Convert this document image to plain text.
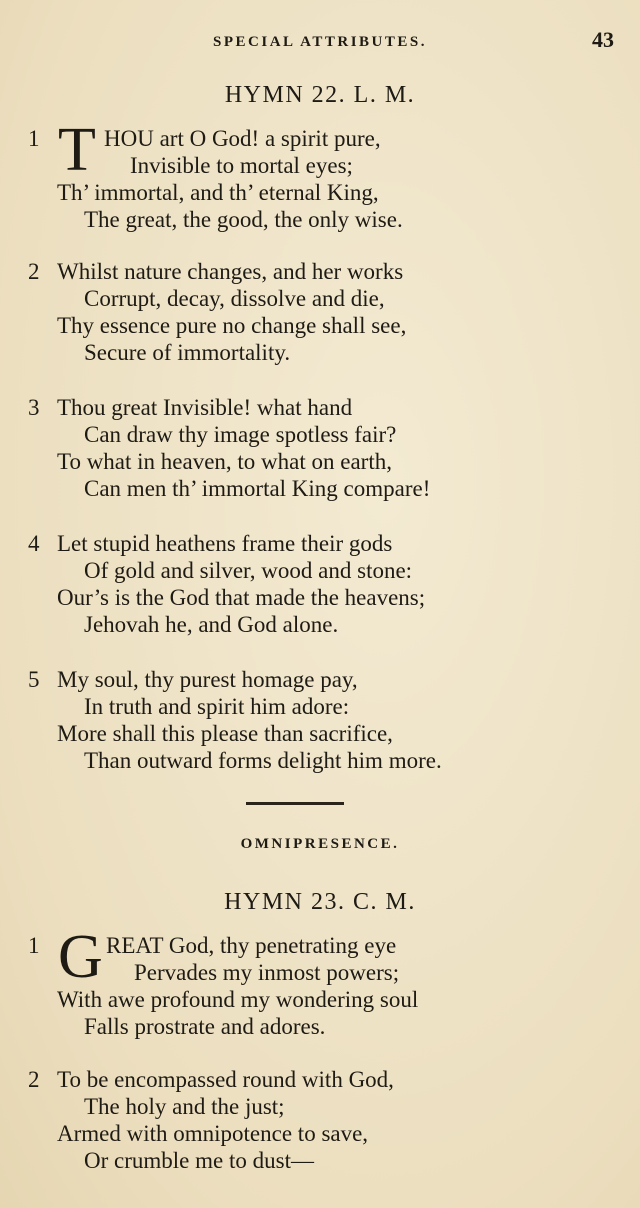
SPECIAL ATTRIBUTES.	43
HYMN 22. L. M.
1 T HOU art O God! a spirit pure,
Invisible to mortal eyes;
Th’ immortal, and th’ eternal King,
The great, the good, the only wise.
2 Whilst nature changes, and her works
Corrupt, decay, dissolve and die,
Thy essence pure no change shall see,
Secure of immortality.
3 Thou great Invisible! what hand
Can draw thy image spotless fair?
To what in heaven, to what on earth,
Can men th’ immortal King compare!
4 Let stupid heathens frame their gods
Of gold and silver, wood and stone:
Our’s is the God that made the heavens;
Jehovah he, and God alone.
5 My soul, thy purest homage pay,
In truth and spirit him adore:
More shall this please than sacrifice,
Than outward forms delight him more.
OMNIPRESENCE.
HYMN 23. C. M.
1 G REAT God, thy penetrating eye
Pervades my inmost powers;
With awe profound my wondering soul
Falls prostrate and adores.
2 To be encompassed round with God,
The holy and the just;
Armed with omnipotence to save,
Or crumble me to dust—
